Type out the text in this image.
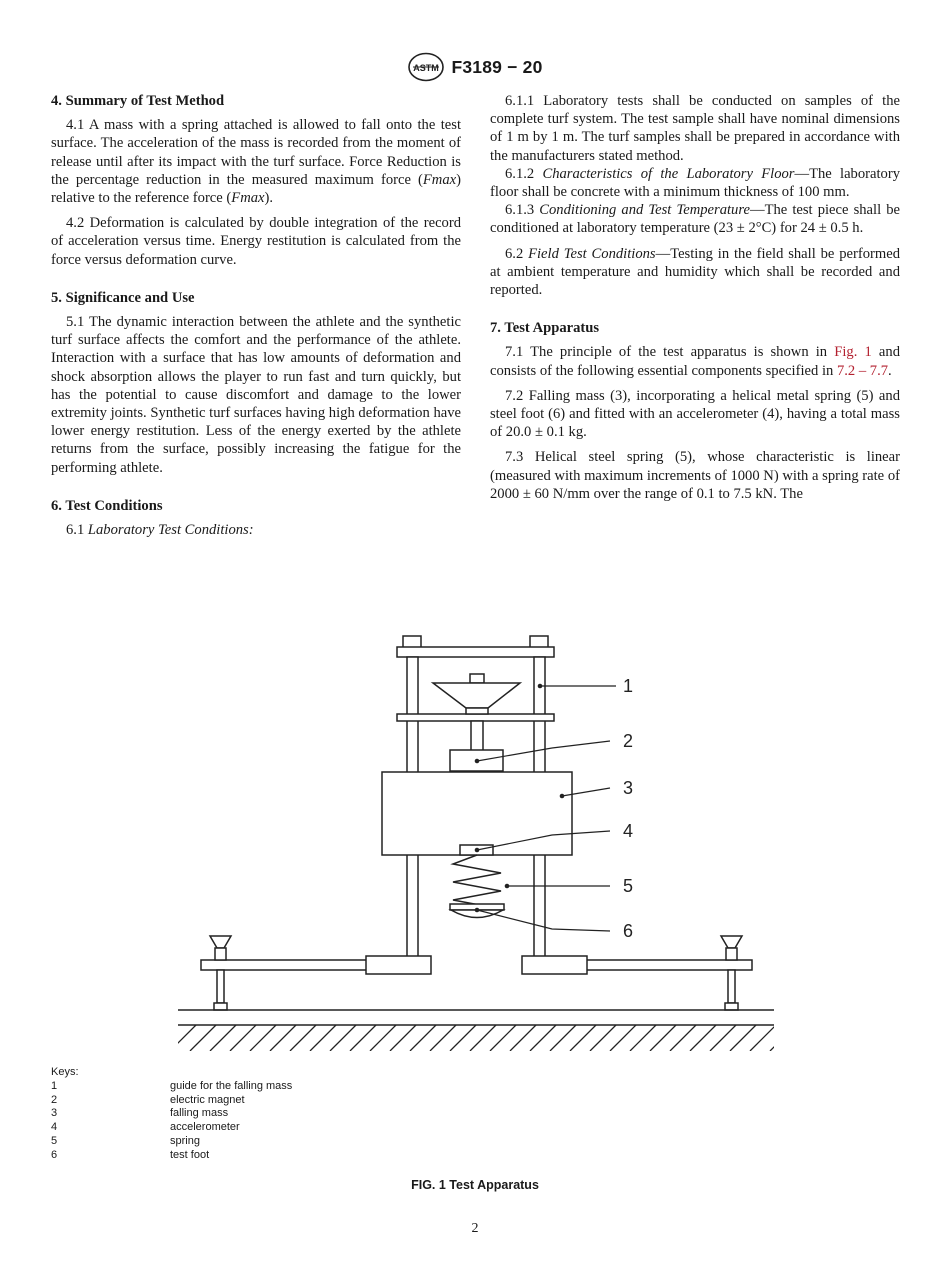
ASTM F3189 − 20
4. Summary of Test Method

4.1 A mass with a spring attached is allowed to fall onto the test surface. The acceleration of the mass is recorded from the moment of release until after its impact with the turf surface. Force Reduction is the percentage reduction in the measured maximum force (Fmax) relative to the reference force (Fmax).

4.2 Deformation is calculated by double integration of the record of acceleration versus time. Energy restitution is calculated from the force versus deformation curve.

5. Significance and Use

5.1 The dynamic interaction between the athlete and the synthetic turf surface affects the comfort and the performance of the athlete. Interaction with a surface that has low amounts of deformation and shock absorption allows the player to run fast and turn quickly, but has the potential to cause discomfort and damage to the lower extremity joints. Synthetic turf surfaces having high deformation have lower energy restitution. Less of the energy exerted by the athlete returns from the surface, possibly increasing the fatigue for the performing athlete.

6. Test Conditions

6.1 Laboratory Test Conditions:

6.1.1 Laboratory tests shall be conducted on samples of the complete turf system. The test sample shall have nominal dimensions of 1 m by 1 m. The turf samples shall be prepared in accordance with the manufacturers stated method.

6.1.2 Characteristics of the Laboratory Floor—The laboratory floor shall be concrete with a minimum thickness of 100 mm.

6.1.3 Conditioning and Test Temperature—The test piece shall be conditioned at laboratory temperature (23 ± 2°C) for 24 ± 0.5 h.

6.2 Field Test Conditions—Testing in the field shall be performed at ambient temperature and humidity which shall be recorded and reported.

7. Test Apparatus

7.1 The principle of the test apparatus is shown in Fig. 1 and consists of the following essential components specified in 7.2 – 7.7.

7.2 Falling mass (3), incorporating a helical metal spring (5) and steel foot (6) and fitted with an accelerometer (4), having a total mass of 20.0 ± 0.1 kg.

7.3 Helical steel spring (5), whose characteristic is linear (measured with maximum increments of 1000 N) with a spring rate of 2000 ± 60 N/mm over the range of 0.1 to 7.5 kN. The

1
2
3
4
5
6
Keys:
1	guide for the falling mass
2	electric magnet
3	falling mass
4	accelerometer
5	spring
6	test foot
FIG. 1 Test Apparatus
2
